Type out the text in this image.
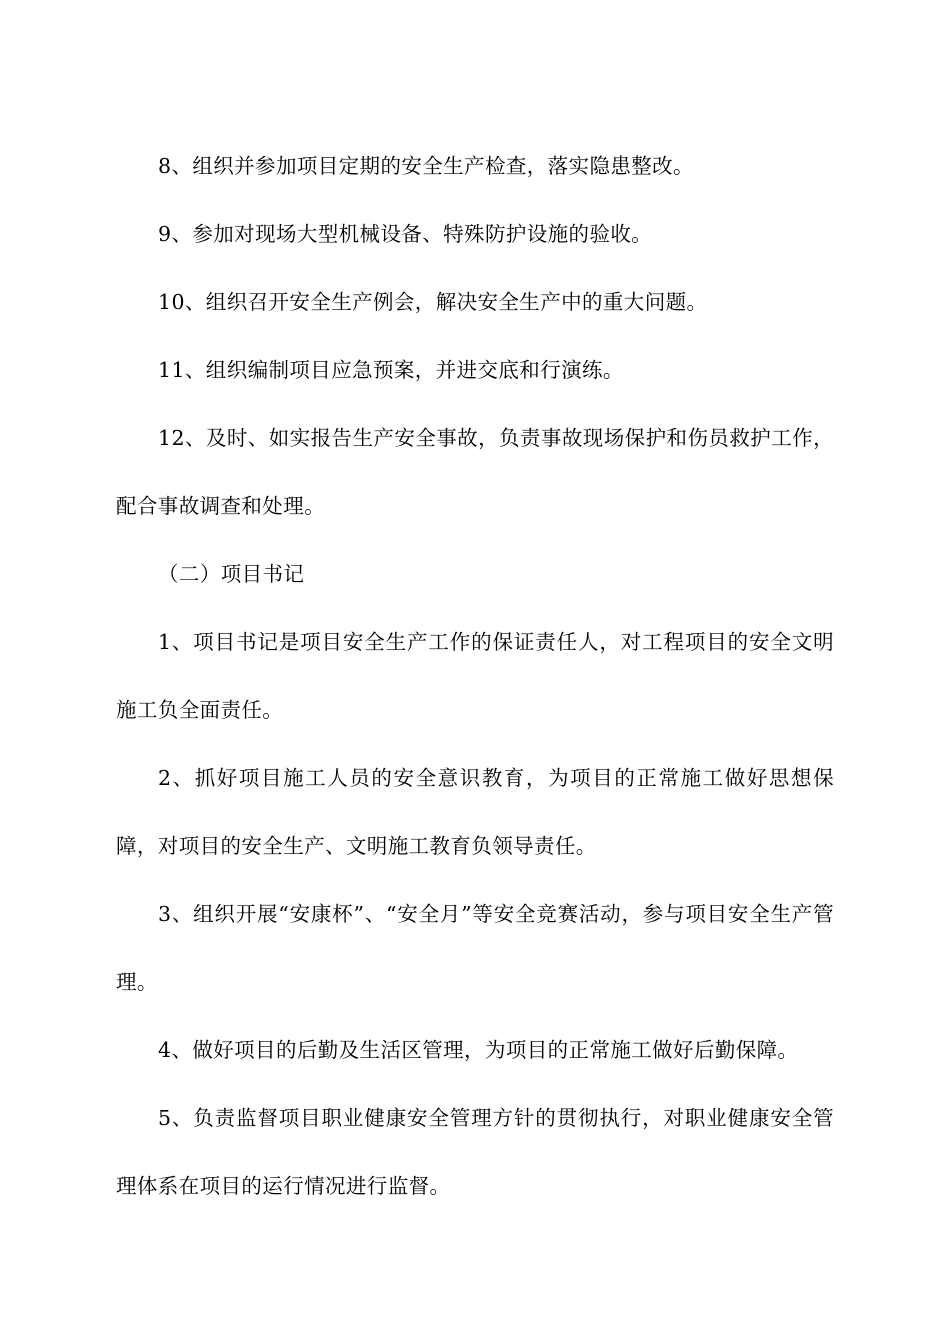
8、组织并参加项目定期的安全生产检查，落实隐患整改。

9、参加对现场大型机械设备、特殊防护设施的验收。

10、组织召开安全生产例会，解决安全生产中的重大问题。

11、组织编制项目应急预案，并进交底和行演练。

12、及时、如实报告生产安全事故，负责事故现场保护和伤员救护工作，配合事故调查和处理。

（二）项目书记

1、项目书记是项目安全生产工作的保证责任人，对工程项目的安全文明施工负全面责任。

2、抓好项目施工人员的安全意识教育，为项目的正常施工做好思想保障，对项目的安全生产、文明施工教育负领导责任。

3、组织开展“安康杯”、“安全月”等安全竞赛活动，参与项目安全生产管理。

4、做好项目的后勤及生活区管理，为项目的正常施工做好后勤保障。

5、负责监督项目职业健康安全管理方针的贯彻执行，对职业健康安全管理体系在项目的运行情况进行监督。
